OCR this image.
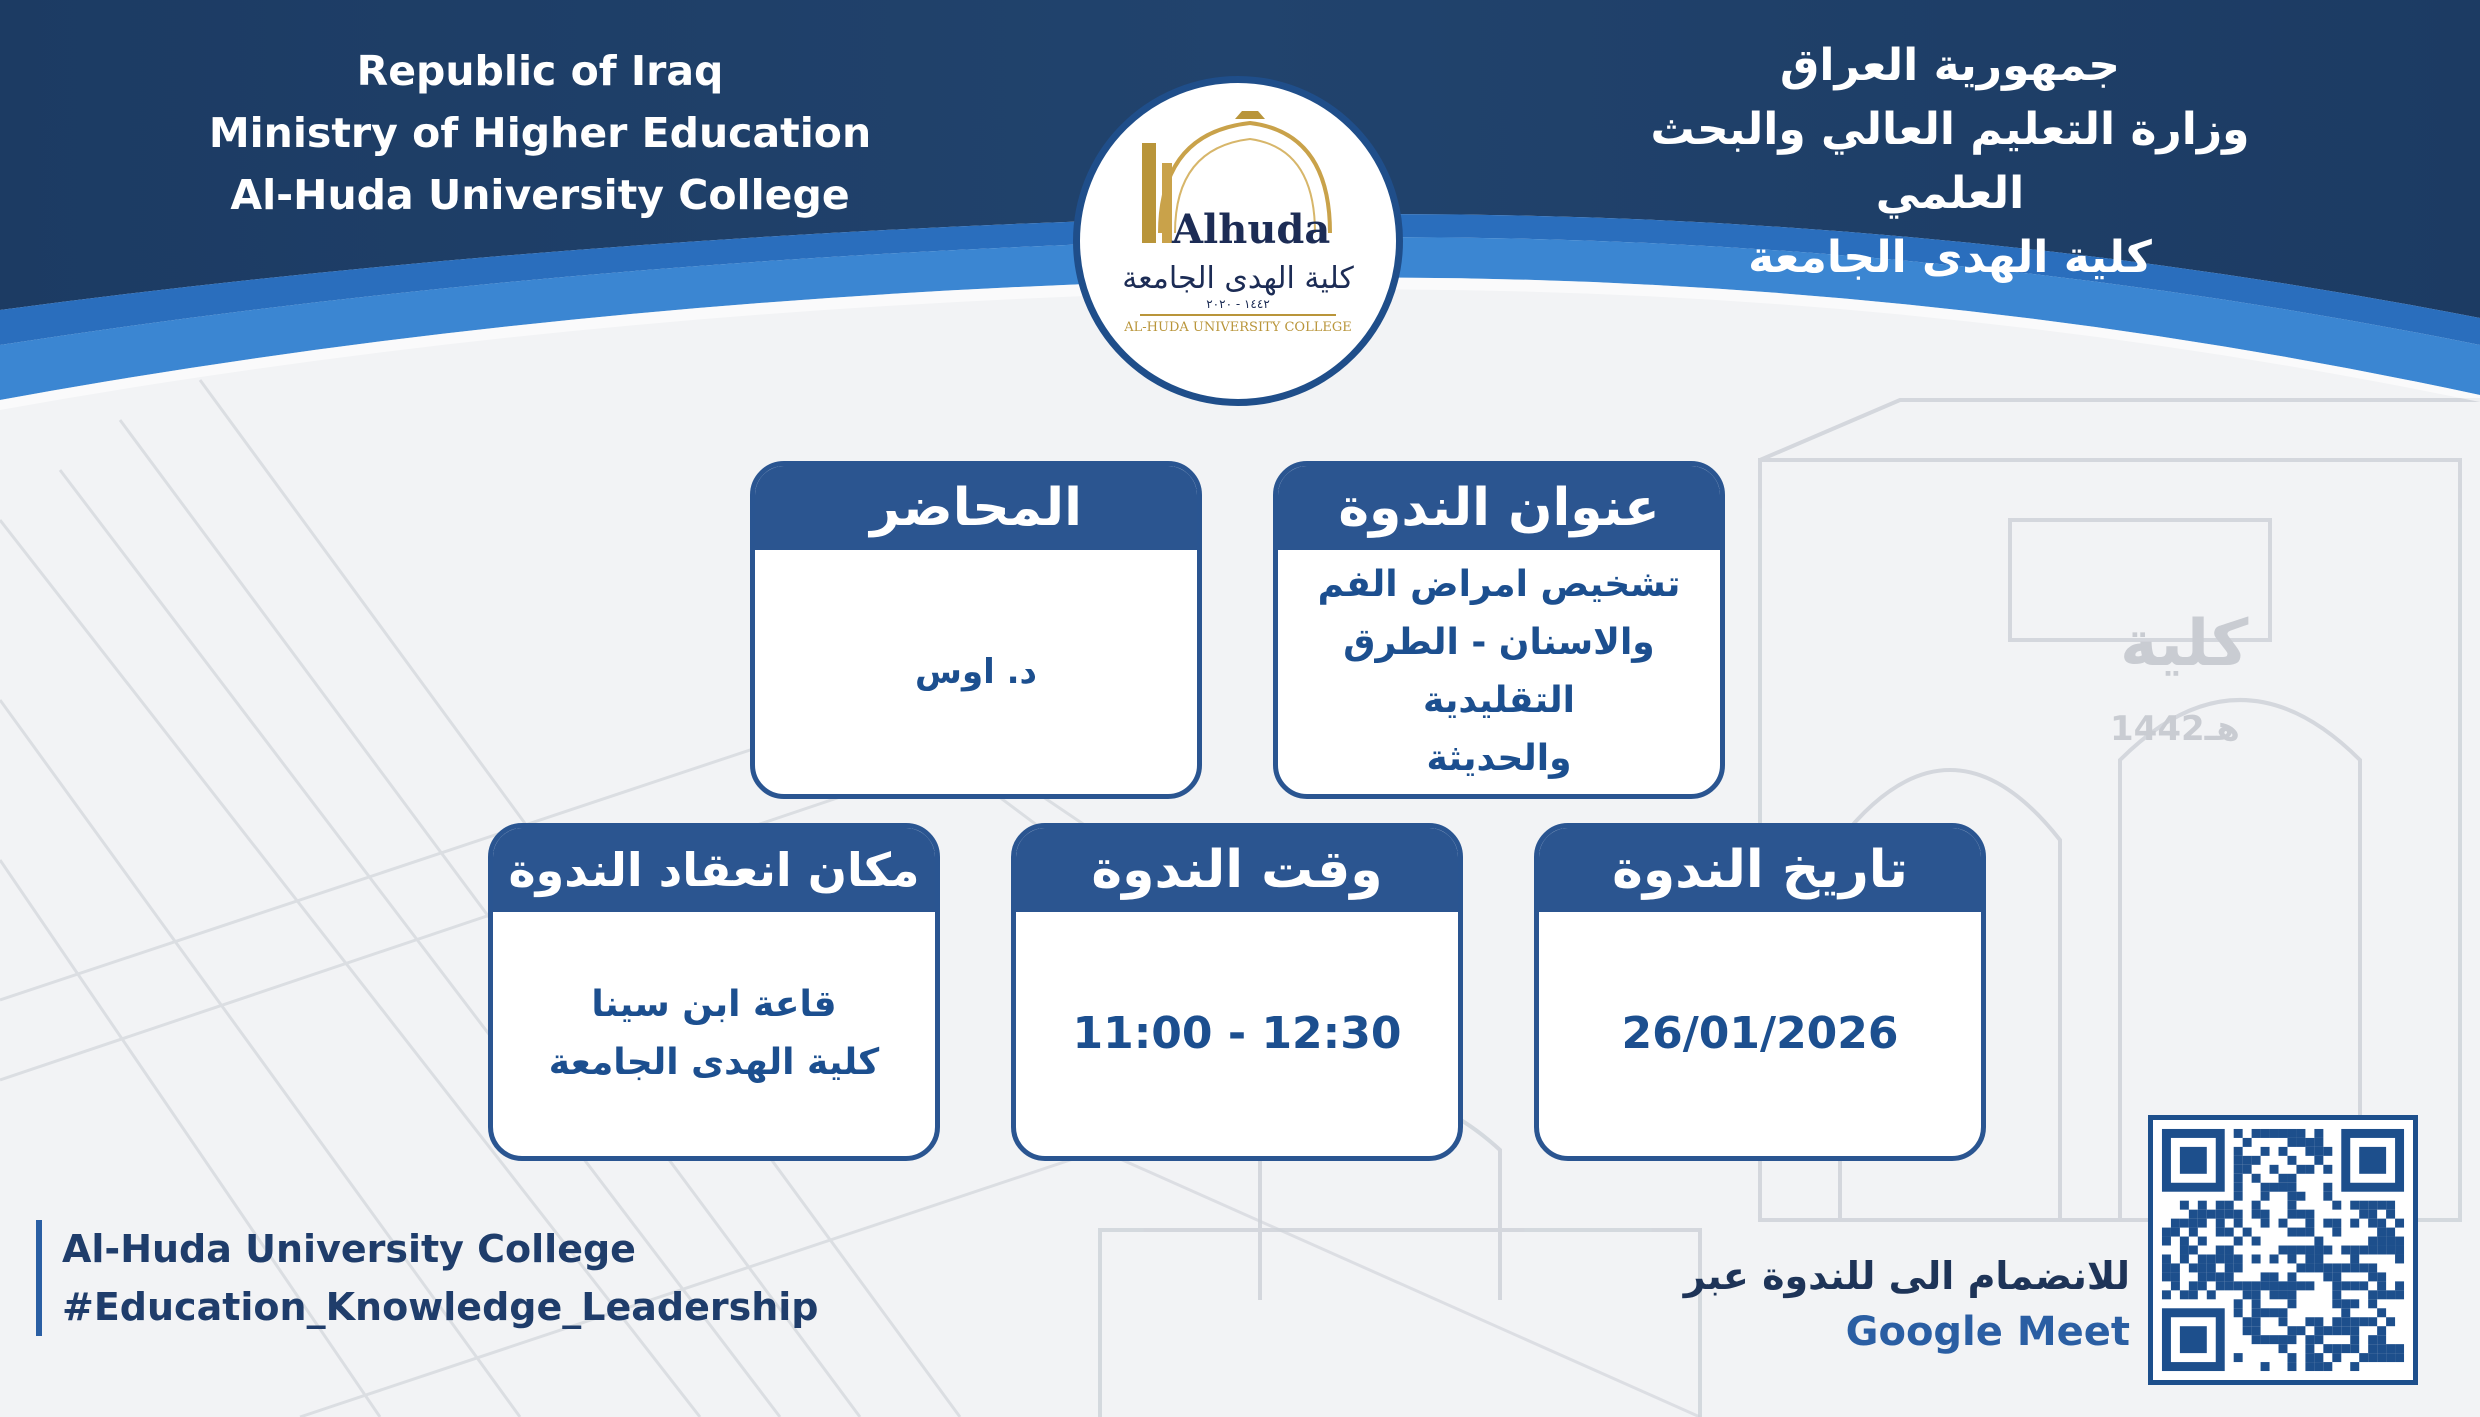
كلية
1442هـ
Republic of Iraq
Ministry of Higher Education
Al-Huda University College
جمهورية العراق
وزارة التعليم العالي والبحث العلمي
كلية الهدى الجامعة
Alhuda
كلية الهدى الجامعة
١٤٤٢ - ٢٠٢٠
AL-HUDA UNIVERSITY COLLEGE
عنوان الندوة
تشخيص امراض الفم
والاسنان - الطرق التقليدية
والحديثة
المحاضر
د. اوس
تاريخ الندوة
26/01/2026
وقت الندوة
11:00 - 12:30
مكان انعقاد الندوة
قاعة ابن سينا
كلية الهدى الجامعة
Al-Huda University College
#Education_Knowledge_Leadership
للانضمام الى للندوة عبر
Google Meet
